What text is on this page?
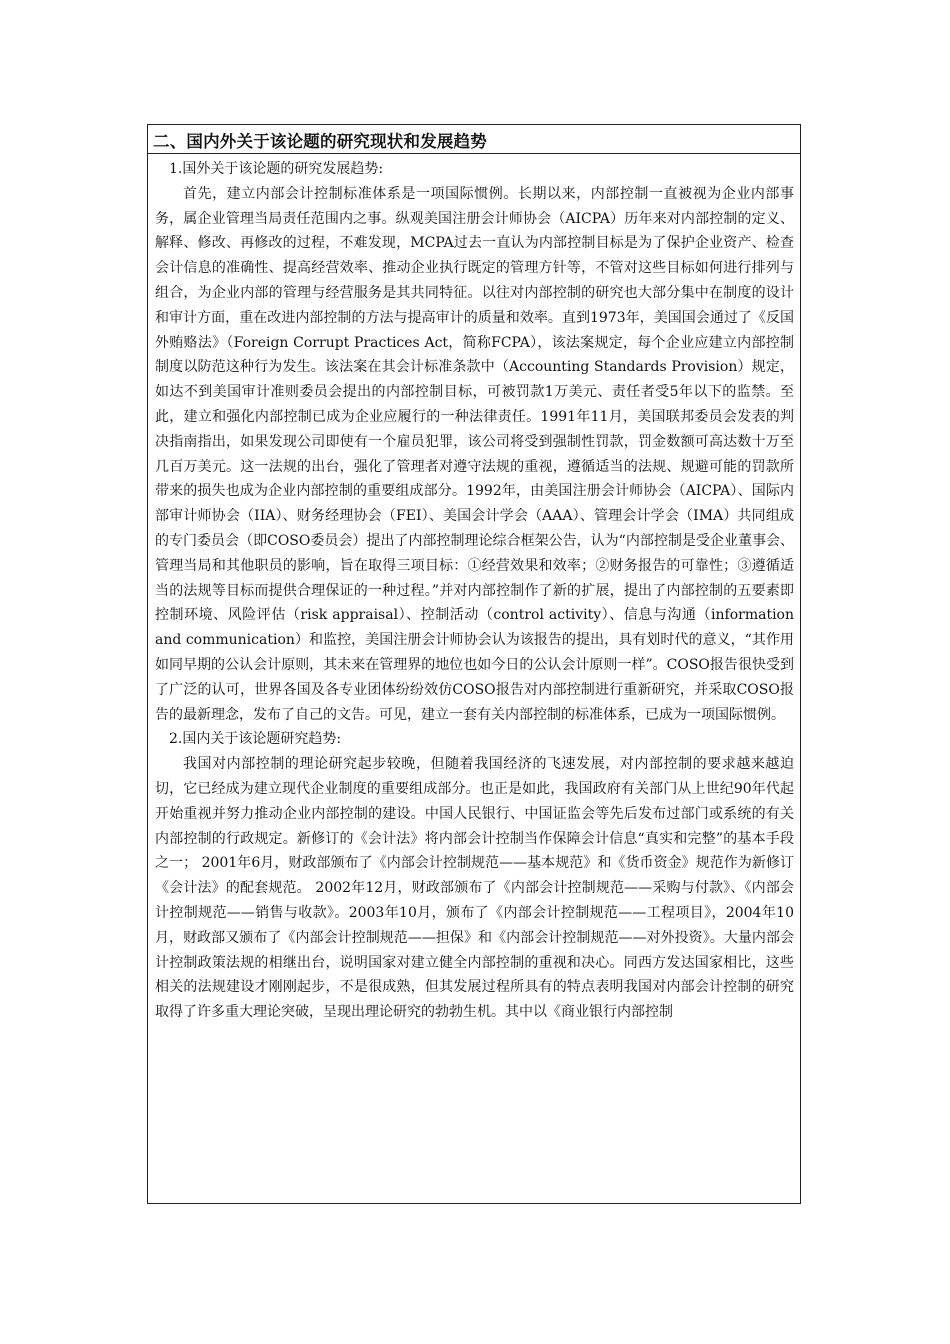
二、国内外关于该论题的研究现状和发展趋势
1.国外关于该论题的研究发展趋势:

首先，建立内部会计控制标准体系是一项国际惯例。长期以来，内部控制一直被视为企业内部事务，属企业管理当局责任范围内之事。纵观美国注册会计师协会（AICPA）历年来对内部控制的定义、解释、修改、再修改的过程，不难发现，MCPA过去一直认为内部控制目标是为了保护企业资产、检查会计信息的准确性、提高经营效率、推动企业执行既定的管理方针等，不管对这些目标如何进行排列与组合，为企业内部的管理与经营服务是其共同特征。以往对内部控制的研究也大部分集中在制度的设计和审计方面，重在改进内部控制的方法与提高审计的质量和效率。直到1973年，美国国会通过了《反国外贿赂法》（Foreign Corrupt Practices Act，简称FCPA），该法案规定，每个企业应建立内部控制制度以防范这种行为发生。该法案在其会计标准条款中（Accounting Standards Provision）规定，如达不到美国审计准则委员会提出的内部控制目标，可被罚款1万美元、责任者受5年以下的监禁。至此，建立和强化内部控制已成为企业应履行的一种法律责任。1991年11月，美国联邦委员会发表的判决指南指出，如果发现公司即使有一个雇员犯罪，该公司将受到强制性罚款，罚金数额可高达数十万至几百万美元。这一法规的出台，强化了管理者对遵守法规的重视，遵循适当的法规、规避可能的罚款所带来的损失也成为企业内部控制的重要组成部分。1992年，由美国注册会计师协会（AICPA）、国际内部审计师协会（IIA）、财务经理协会（FEI）、美国会计学会（AAA）、管理会计学会（IMA）共同组成的专门委员会（即COSO委员会）提出了内部控制理论综合框架公告，认为“内部控制是受企业董事会、管理当局和其他职员的影响，旨在取得三项目标：①经营效果和效率；②财务报告的可靠性；③遵循适当的法规等目标而提供合理保证的一种过程。”并对内部控制作了新的扩展，提出了内部控制的五要素即控制环境、风险评估（risk appraisal）、控制活动（control activity）、信息与沟通（information and communication）和监控，美国注册会计师协会认为该报告的提出，具有划时代的意义，“其作用如同早期的公认会计原则，其未来在管理界的地位也如今日的公认会计原则一样”。COSO报告很快受到了广泛的认可，世界各国及各专业团体纷纷效仿COSO报告对内部控制进行重新研究，并采取COSO报告的最新理念，发布了自己的文告。可见，建立一套有关内部控制的标准体系，已成为一项国际惯例。

2.国内关于该论题研究趋势:

我国对内部控制的理论研究起步较晚，但随着我国经济的飞速发展，对内部控制的要求越来越迫切，它已经成为建立现代企业制度的重要组成部分。也正是如此，我国政府有关部门从上世纪90年代起开始重视并努力推动企业内部控制的建设。中国人民银行、中国证监会等先后发布过部门或系统的有关内部控制的行政规定。新修订的《会计法》将内部会计控制当作保障会计信息“真实和完整”的基本手段之一； 2001年6月，财政部颁布了《内部会计控制规范——基本规范》和《货币资金》规范作为新修订《会计法》的配套规范。 2002年12月，财政部颁布了《内部会计控制规范——采购与付款》、《内部会计控制规范——销售与收款》。2003年10月，颁布了《内部会计控制规范——工程项目》，2004年10月，财政部又颁布了《内部会计控制规范——担保》和《内部会计控制规范——对外投资》。大量内部会计控制政策法规的相继出台，说明国家对建立健全内部控制的重视和决心。同西方发达国家相比，这些相关的法规建设才刚刚起步，不是很成熟，但其发展过程所具有的特点表明我国对内部会计控制的研究取得了许多重大理论突破，呈现出理论研究的勃勃生机。其中以《商业银行内部控制
